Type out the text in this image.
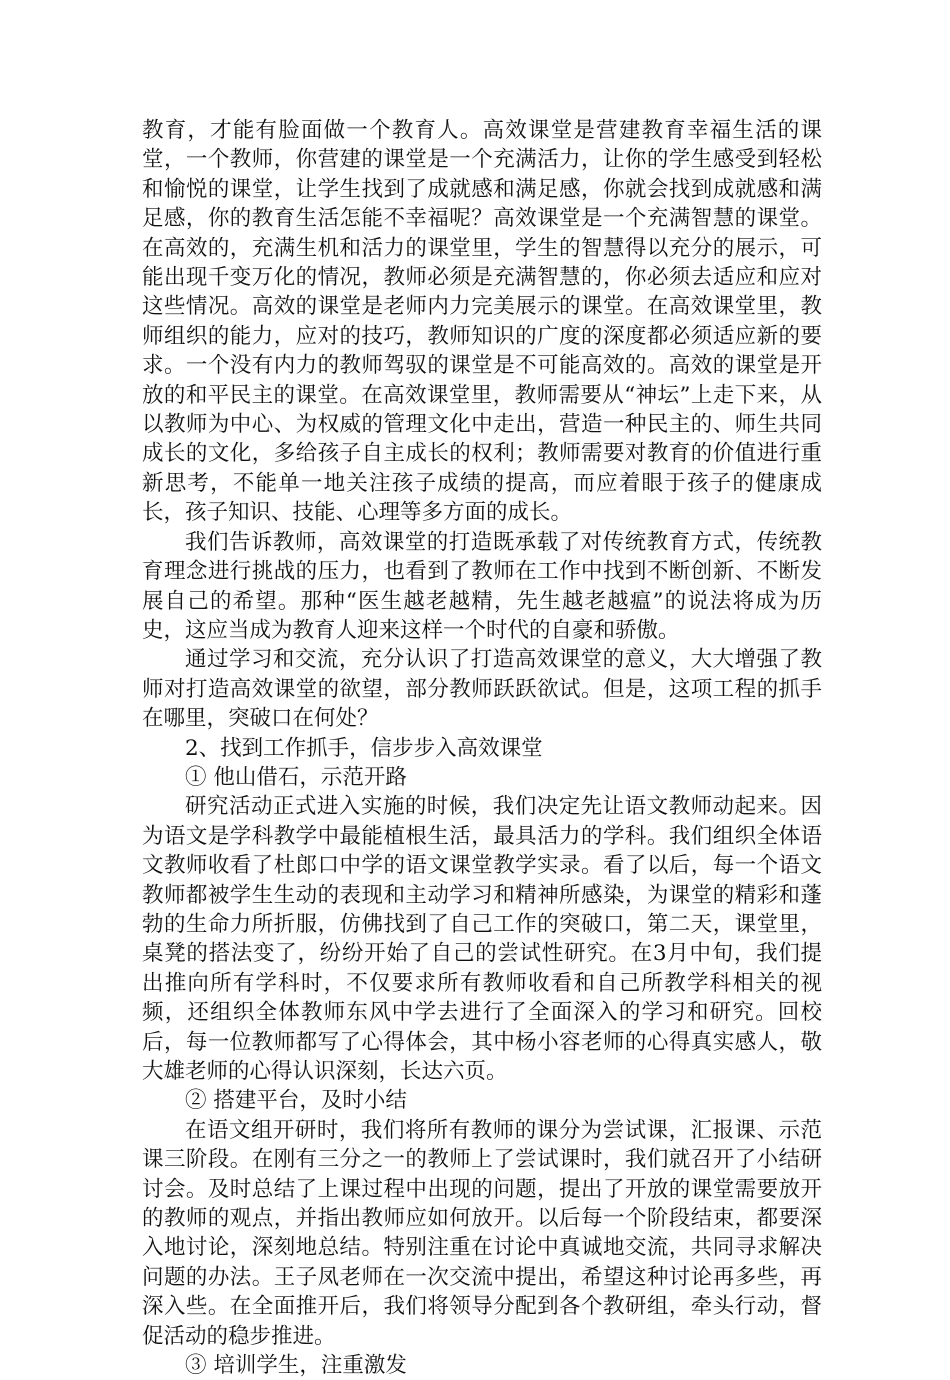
教育，才能有脸面做一个教育人。高效课堂是营建教育幸福生活的课堂，一个教师，你营建的课堂是一个充满活力，让你的学生感受到轻松和愉悦的课堂，让学生找到了成就感和满足感，你就会找到成就感和满足感，你的教育生活怎能不幸福呢？高效课堂是一个充满智慧的课堂。在高效的，充满生机和活力的课堂里，学生的智慧得以充分的展示，可能出现千变万化的情况，教师必须是充满智慧的，你必须去适应和应对这些情况。高效的课堂是老师内力完美展示的课堂。在高效课堂里，教师组织的能力，应对的技巧，教师知识的广度的深度都必须适应新的要求。一个没有内力的教师驾驭的课堂是不可能高效的。高效的课堂是开放的和平民主的课堂。在高效课堂里，教师需要从“神坛”上走下来，从以教师为中心、为权威的管理文化中走出，营造一种民主的、师生共同成长的文化，多给孩子自主成长的权利；教师需要对教育的价值进行重新思考，不能单一地关注孩子成绩的提高，而应着眼于孩子的健康成长，孩子知识、技能、心理等多方面的成长。

我们告诉教师，高效课堂的打造既承载了对传统教育方式，传统教育理念进行挑战的压力，也看到了教师在工作中找到不断创新、不断发展自己的希望。那种“医生越老越精，先生越老越瘟”的说法将成为历史，这应当成为教育人迎来这样一个时代的自豪和骄傲。

通过学习和交流，充分认识了打造高效课堂的意义，大大增强了教师对打造高效课堂的欲望，部分教师跃跃欲试。但是，这项工程的抓手在哪里，突破口在何处？

2、找到工作抓手，信步步入高效课堂

① 他山借石，示范开路

研究活动正式进入实施的时候，我们决定先让语文教师动起来。因为语文是学科教学中最能植根生活，最具活力的学科。我们组织全体语文教师收看了杜郎口中学的语文课堂教学实录。看了以后，每一个语文教师都被学生生动的表现和主动学习和精神所感染，为课堂的精彩和蓬勃的生命力所折服，仿佛找到了自己工作的突破口，第二天，课堂里，桌凳的搭法变了，纷纷开始了自己的尝试性研究。在3月中旬，我们提出推向所有学科时，不仅要求所有教师收看和自己所教学科相关的视频，还组织全体教师东风中学去进行了全面深入的学习和研究。回校后，每一位教师都写了心得体会，其中杨小容老师的心得真实感人，敬大雄老师的心得认识深刻，长达六页。

② 搭建平台，及时小结

在语文组开研时，我们将所有教师的课分为尝试课，汇报课、示范课三阶段。在刚有三分之一的教师上了尝试课时，我们就召开了小结研讨会。及时总结了上课过程中出现的问题，提出了开放的课堂需要放开的教师的观点，并指出教师应如何放开。以后每一个阶段结束，都要深入地讨论，深刻地总结。特别注重在讨论中真诚地交流，共同寻求解决问题的办法。王子凤老师在一次交流中提出，希望这种讨论再多些，再深入些。在全面推开后，我们将领导分配到各个教研组，牵头行动，督促活动的稳步推进。

③ 培训学生，注重激发
